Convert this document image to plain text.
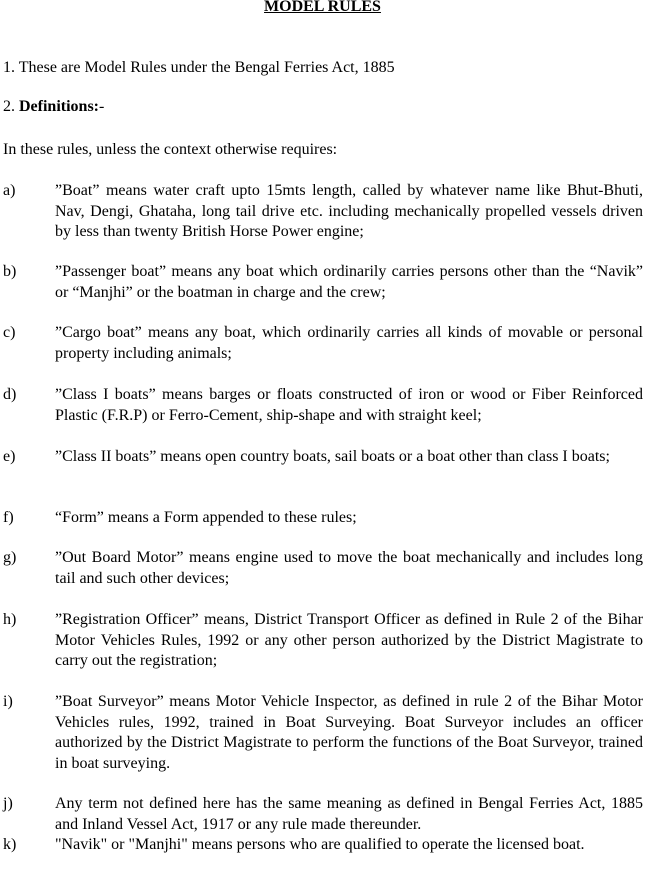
MODEL RULES

1. These are Model Rules under the Bengal Ferries Act, 1885

2. Definitions:-

In these rules, unless the context otherwise requires:

a) ”Boat” means water craft upto 15mts length, called by whatever name like Bhut-Bhuti, Nav, Dengi, Ghataha, long tail drive etc. including mechanically propelled vessels driven by less than twenty British Horse Power engine;
b) ”Passenger boat” means any boat which ordinarily carries persons other than the “Navik” or “Manjhi” or the boatman in charge and the crew;
c) ”Cargo boat” means any boat, which ordinarily carries all kinds of movable or personal property including animals;
d) ”Class I boats” means barges or floats constructed of iron or wood or Fiber Reinforced Plastic (F.R.P) or Ferro-Cement, ship-shape and with straight keel;
e) ”Class II boats” means open country boats, sail boats or a boat other than class I boats;
f)	“Form” means a Form appended to these rules;
g) ”Out Board Motor” means engine used to move the boat mechanically and includes long tail and such other devices;
h) ”Registration Officer” means, District Transport Officer as defined in Rule 2 of the Bihar Motor Vehicles Rules, 1992 or any other person authorized by the District Magistrate to carry out the registration;
i)	”Boat Surveyor” means Motor Vehicle Inspector, as defined in rule 2 of the Bihar Motor Vehicles rules, 1992, trained in Boat Surveying. Boat Surveyor includes an officer authorized by the District Magistrate to perform the functions of the Boat Surveyor, trained in boat surveying.
j)	Any term not defined here has the same meaning as defined in Bengal Ferries Act, 1885 and Inland Vessel Act, 1917 or any rule made thereunder.
k) "Navik" or "Manjhi" means persons who are qualified to operate the licensed boat.
